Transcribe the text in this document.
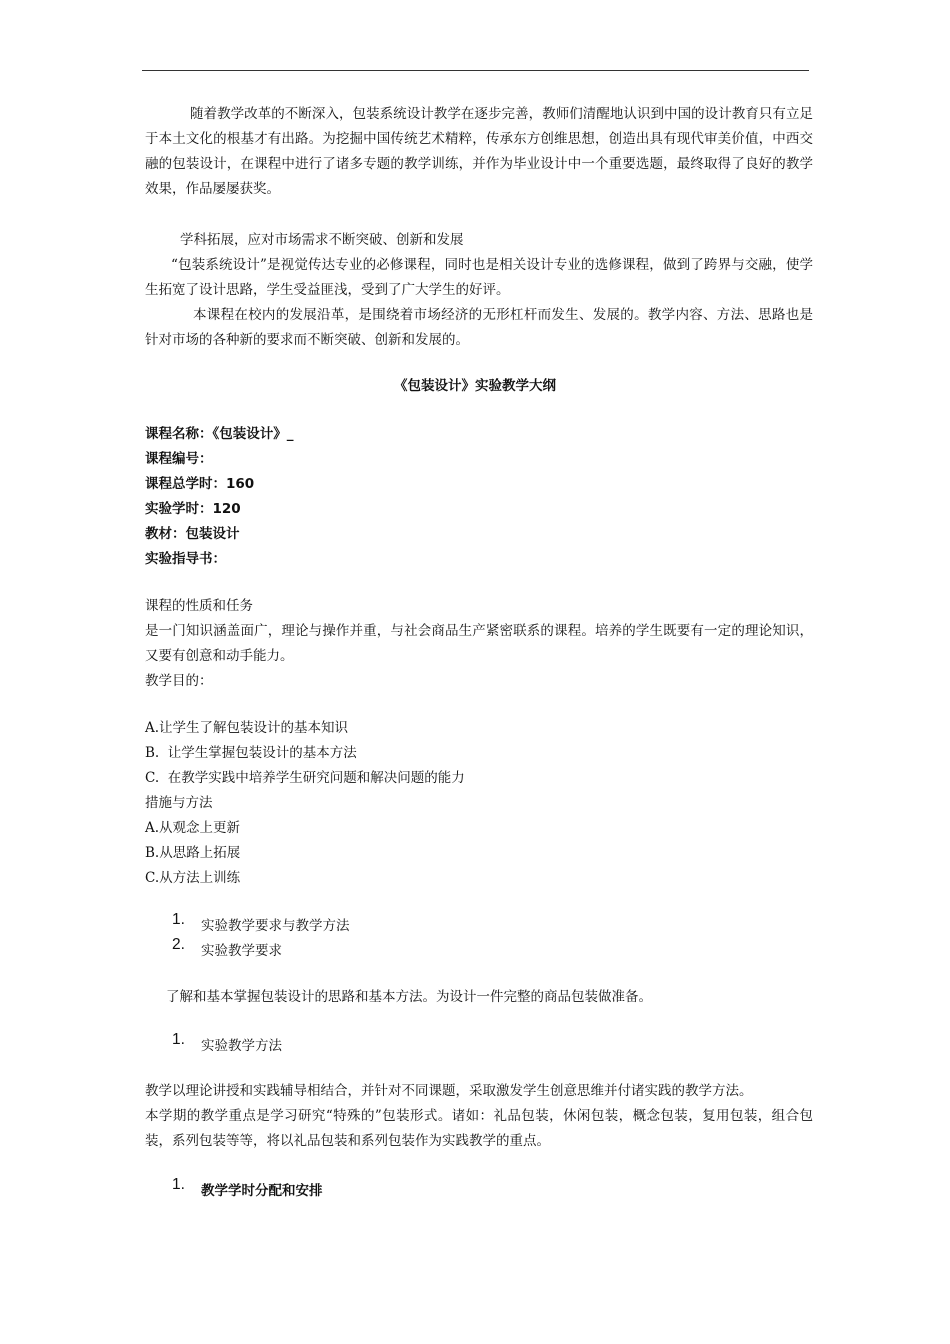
随着教学改革的不断深入，包装系统设计教学在逐步完善，教师们清醒地认识到中国的设计教育只有立足于本土文化的根基才有出路。为挖掘中国传统艺术精粹，传承东方创维思想，创造出具有现代审美价值，中西交融的包装设计，在课程中进行了诸多专题的教学训练，并作为毕业设计中一个重要选题，最终取得了良好的教学效果，作品屡屡获奖。
学科拓展，应对市场需求不断突破、创新和发展
“包装系统设计”是视觉传达专业的必修课程，同时也是相关设计专业的选修课程，做到了跨界与交融，使学生拓宽了设计思路，学生受益匪浅，受到了广大学生的好评。
本课程在校内的发展沿革，是围绕着市场经济的无形杠杆而发生、发展的。教学内容、方法、思路也是针对市场的各种新的要求而不断突破、创新和发展的。
《包装设计》实验教学大纲
课程名称：《包装设计》_
课程编号：
课程总学时：160
实验学时：120
教材：包装设计
实验指导书：
课程的性质和任务
是一门知识涵盖面广，理论与操作并重，与社会商品生产紧密联系的课程。培养的学生既要有一定的理论知识，又要有创意和动手能力。
教学目的：
A.让学生了解包装设计的基本知识
B.  让学生掌握包装设计的基本方法
C.  在教学实践中培养学生研究问题和解决问题的能力
措施与方法
A.从观念上更新
B.从思路上拓展
C.从方法上训练
1. 实验教学要求与教学方法
2. 实验教学要求
了解和基本掌握包装设计的思路和基本方法。为设计一件完整的商品包装做准备。
1. 实验教学方法
教学以理论讲授和实践辅导相结合，并针对不同课题，采取激发学生创意思维并付诸实践的教学方法。
本学期的教学重点是学习研究“特殊的”包装形式。诸如：礼品包装，休闲包装，概念包装，复用包装，组合包装，系列包装等等，将以礼品包装和系列包装作为实践教学的重点。
1. 教学学时分配和安排
